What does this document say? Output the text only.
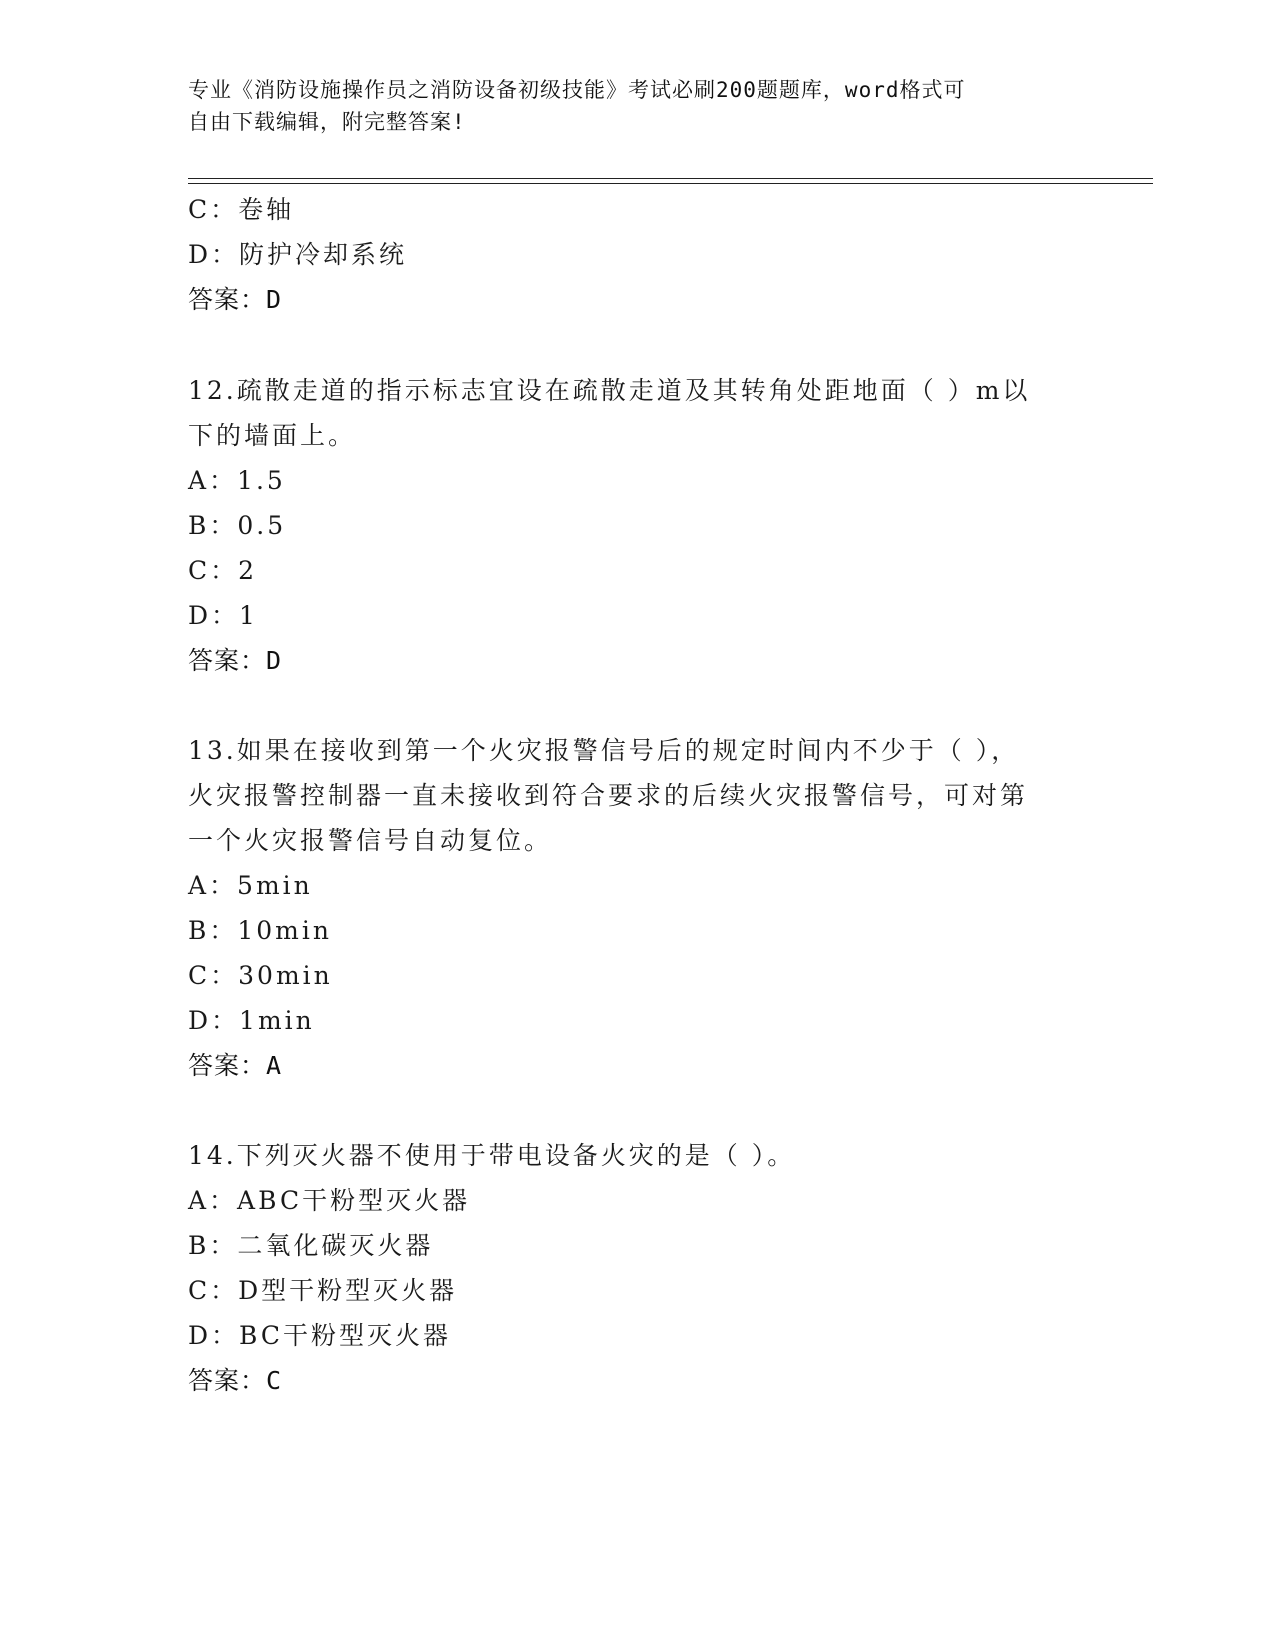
专业《消防设施操作员之消防设备初级技能》考试必刷200题题库，word格式可
自由下载编辑，附完整答案!
C：卷轴
D：防护冷却系统
答案：D
12.疏散走道的指示标志宜设在疏散走道及其转角处距地面（ ）m以
下的墙面上。
A：1.5
B：0.5
C：2
D：1
答案：D
13.如果在接收到第一个火灾报警信号后的规定时间内不少于（ ），
火灾报警控制器一直未接收到符合要求的后续火灾报警信号，可对第
一个火灾报警信号自动复位。
A：5min
B：10min
C：30min
D：1min
答案：A
14.下列灭火器不使用于带电设备火灾的是（ ）。
A：ABC干粉型灭火器
B：二氧化碳灭火器
C：D型干粉型灭火器
D：BC干粉型灭火器
答案：C
